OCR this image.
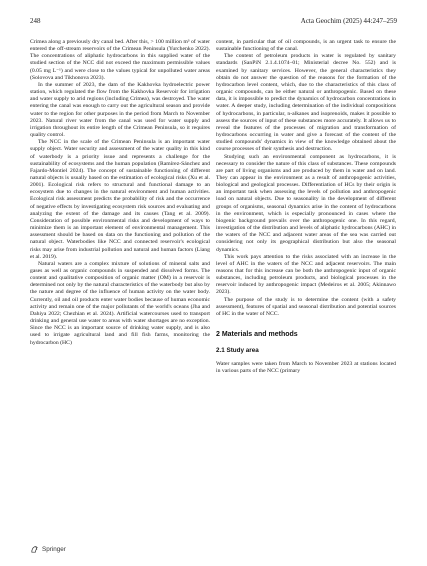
248	Acta Geochim (2025) 44:247–259

Crimea along a previously dry canal bed. After this, > 100 million m³ of water entered the off-stream reservoirs of the Crimean Peninsula (Yurchenko 2022). The concentrations of aliphatic hydrocarbons in this supplied water of the studied section of the NCC did not exceed the maximum permissible values (0.05 mg L⁻¹) and were close to the values typical for unpolluted water areas (Solovova and Tikhonova 2023).

In the summer of 2023, the dam of the Kakhovka hydroelectric power station, which regulated the flow from the Kakhovka Reservoir for irrigation and water supply to arid regions (including Crimea), was destroyed. The water entering the canal was enough to carry out the agricultural season and provide water to the region for other purposes in the period from March to November 2023. Natural river water from the canal was used for water supply and irrigation throughout its entire length of the Crimean Peninsula, so it requires quality control.

The NCC in the scale of the Crimean Peninsula is an important water supply object. Water security and assessment of the water quality in this kind of waterbody is a priority issue and represents a challenge for the sustainability of ecosystems and the human population (Ramírez-Sánchez and Fajardo-Montiel 2024). The concept of sustainable functioning of different natural objects is usually based on the estimation of ecological risks (Xu et al. 2001). Ecological risk refers to structural and functional damage to an ecosystem due to changes in the natural environment and human activities. Ecological risk assessment predicts the probability of risk and the occurrence of negative effects by investigating ecosystem risk sources and evaluating and analyzing the extent of the damage and its causes (Tang et al. 2009). Consideration of possible environmental risks and development of ways to minimize them is an important element of environmental management. This assessment should be based on data on the functioning and pollution of the natural object. Waterbodies like NCC and connected reservoir's ecological risks may arise from industrial pollution and natural and human factors (Liang et al. 2019).

Natural waters are a complex mixture of solutions of mineral salts and gases as well as organic compounds in suspended and dissolved forms. The content and qualitative composition of organic matter (OM) in a reservoir is determined not only by the natural characteristics of the waterbody but also by the nature and degree of the influence of human activity on the water body. Currently, oil and oil products enter water bodies because of human economic activity and remain one of the major pollutants of the world's oceans (Jha and Dahiya 2022; Chezhian et al. 2024). Artificial watercourses used to transport drinking and general use water to areas with water shortages are no exception. Since the NCC is an important source of drinking water supply, and is also used to irrigate agricultural land and fill fish farms, monitoring the hydrocarbon (HC)

content, in particular that of oil compounds, is an urgent task to ensure the sustainable functioning of the canal.

The content of petroleum products in water is regulated by sanitary standards (SanPiN 2.1.4.1074–01; Ministerial decree No. 552) and is examined by sanitary services. However, the general characteristics they obtain do not answer the question of the reasons for the formation of the hydrocarbon level content, which, due to the characteristics of this class of organic compounds, can be either natural or anthropogenic. Based on these data, it is impossible to predict the dynamics of hydrocarbon concentrations in water. A deeper study, including determination of the individual compositions of hydrocarbons, in particular, n-alkanes and isoprenoids, makes it possible to assess the sources of input of these substances more accurately. It allows us to reveal the features of the processes of migration and transformation of hydrocarbons occurring in water and give a forecast of the content of the studied compounds' dynamics in view of the knowledge obtained about the course processes of their synthesis and destruction.

Studying such an environmental component as hydrocarbons, it is necessary to consider the nature of this class of substances. These compounds are part of living organisms and are produced by them in water and on land. They can appear in the environment as a result of anthropogenic activities, biological and geological processes. Differentiation of HCs by their origin is an important task when assessing the levels of pollution and anthropogenic load on natural objects. Due to seasonality in the development of different groups of organisms, seasonal dynamics arise in the content of hydrocarbons in the environment, which is especially pronounced in cases where the biogenic background prevails over the anthropogenic one. In this regard, investigation of the distribution and levels of aliphatic hydrocarbons (AHC) in the waters of the NCC and adjacent water areas of the sea was carried out considering not only its geographical distribution but also the seasonal dynamics.

This work pays attention to the risks associated with an increase in the level of AHC in the waters of the NCC and adjacent reservoirs. The main reasons that for this increase can be both the anthropogenic input of organic substances, including petroleum products, and biological processes in the reservoir induced by anthropogenic impact (Medeiros et al. 2005; Akinnawo 2023).

The purpose of the study is to determine the content (with a safety assessment), features of spatial and seasonal distribution and potential sources of HC in the water of NCC.

2 Materials and methods
2.1 Study area

Water samples were taken from March to November 2023 at stations located in various parts of the NCC (primary

Springer
